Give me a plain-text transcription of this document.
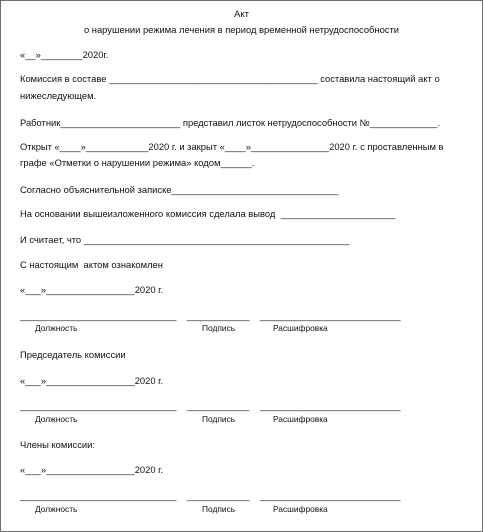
Акт
о нарушении режима лечения в период временной нетрудоспособности
«__»________2020г.
Комиссия в составе ________________________________________ составила настоящий акт о
нижеследующем.
Работник_______________________ представил листок нетрудоспособности №_____________.
Открыт «____»____________2020 г. и закрыт «____»_______________2020 г. с проставленным в
графе «Отметки о нарушении режима» кодом______.
Согласно объяснительной записке________________________________
На основании вышеизложенного комиссия сделала вывод  ______________________
И считает, что ___________________________________________________
С настоящим  актом ознакомлен
«___»_________________2020 г.
______________________________    ____________    ___________________________
Должность	Подпись	Расшифровка
Председатель комиссии
«___»_________________2020 г.
______________________________    ____________    ___________________________
Должность	Подпись	Расшифровка
Члены комиссии:
«___»_________________2020 г.
______________________________    ____________    ___________________________
Должность	Подпись	Расшифровка
